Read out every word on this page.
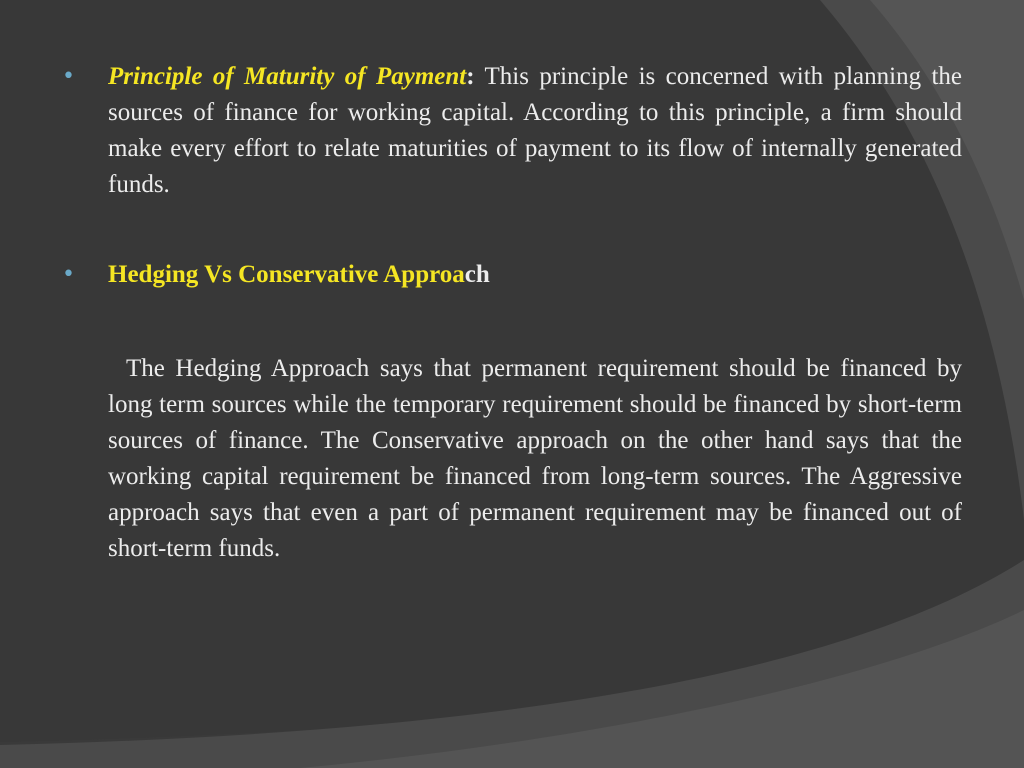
• Principle of Maturity of Payment: This principle is concerned with planning the sources of finance for working capital. According to this principle, a firm should make every effort to relate maturities of payment to its flow of internally generated funds.

• Hedging Vs Conservative Approach

The Hedging Approach says that permanent requirement should be financed by long term sources while the temporary requirement should be financed by short-term sources of finance. The Conservative approach on the other hand says that the working capital requirement be financed from long-term sources. The Aggressive approach says that even a part of permanent requirement may be financed out of short-term funds.
